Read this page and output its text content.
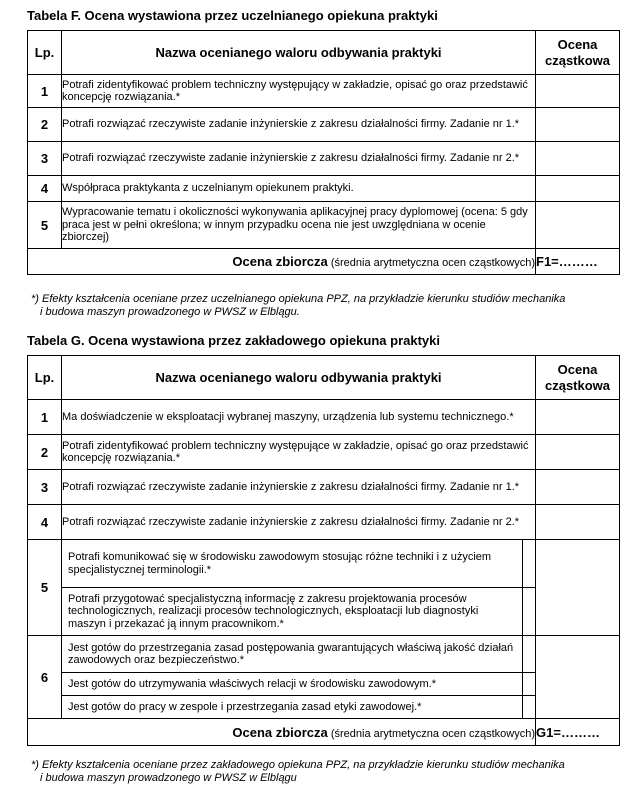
Tabela F. Ocena wystawiona przez uczelnianego opiekuna praktyki
Lp.	Nazwa ocenianego waloru odbywania praktyki		Ocena
cząstkowa
1	Potrafi zidentyfikować problem techniczny występujący w zakładzie, opisać go oraz przedstawić koncepcję rozwiązania.*		
2	Potrafi rozwiązać rzeczywiste zadanie inżynierskie z zakresu działalności firmy. Zadanie nr 1.*		
3	Potrafi rozwiązać rzeczywiste zadanie inżynierskie z zakresu działalności firmy. Zadanie nr 2.*		
4	Współpraca praktykanta z uczelnianym opiekunem praktyki.		
5	Wypracowanie tematu i okoliczności wykonywania aplikacyjnej pracy dyplomowej (ocena: 5 gdy praca jest w pełni określona; w innym przypadku ocena nie jest uwzględniana w ocenie zbiorczej)		
		Ocena zbiorcza (średnia arytmetyczna ocen cząstkowych)	F1=………
*) Efekty kształcenia oceniane przez uczelnianego opiekuna PPZ, na przykładzie kierunku studiów mechanika
i budowa maszyn prowadzonego w PWSZ w Elblągu.
Tabela G. Ocena wystawiona przez zakładowego opiekuna praktyki
Lp.	Nazwa ocenianego waloru odbywania praktyki			Ocena
cząstkowa
1	Ma doświadczenie w eksploatacji wybranej maszyny, urządzenia lub systemu technicznego.*			
2	Potrafi zidentyfikować problem techniczny występujące w zakładzie, opisać go oraz przedstawić koncepcję rozwiązania.*			
3	Potrafi rozwiązać rzeczywiste zadanie inżynierskie z zakresu działalności firmy. Zadanie nr 1.*			
4	Potrafi rozwiązać rzeczywiste zadanie inżynierskie z zakresu działalności firmy. Zadanie nr 2.*			
5	Potrafi komunikować się w środowisku zawodowym stosując różne techniki i z użyciem specjalistycznej terminologii.*			
	Potrafi przygotować specjalistyczną informację z zakresu projektowania procesów technologicznych, realizacji procesów technologicznych, eksploatacji lub diagnostyki maszyn i przekazać ją innym pracownikom.*			
6	Jest gotów do przestrzegania zasad postępowania gwarantujących właściwą jakość działań zawodowych oraz bezpieczeństwo.*			
	Jest gotów do utrzymywania właściwych relacji w środowisku zawodowym.*			
	Jest gotów do pracy w zespole i przestrzegania zasad etyki zawodowej.*			
		Ocena zbiorcza (średnia arytmetyczna ocen cząstkowych)		G1=………
*) Efekty kształcenia oceniane przez zakładowego opiekuna PPZ, na przykładzie kierunku studiów mechanika
i budowa maszyn prowadzonego w PWSZ w Elblągu
